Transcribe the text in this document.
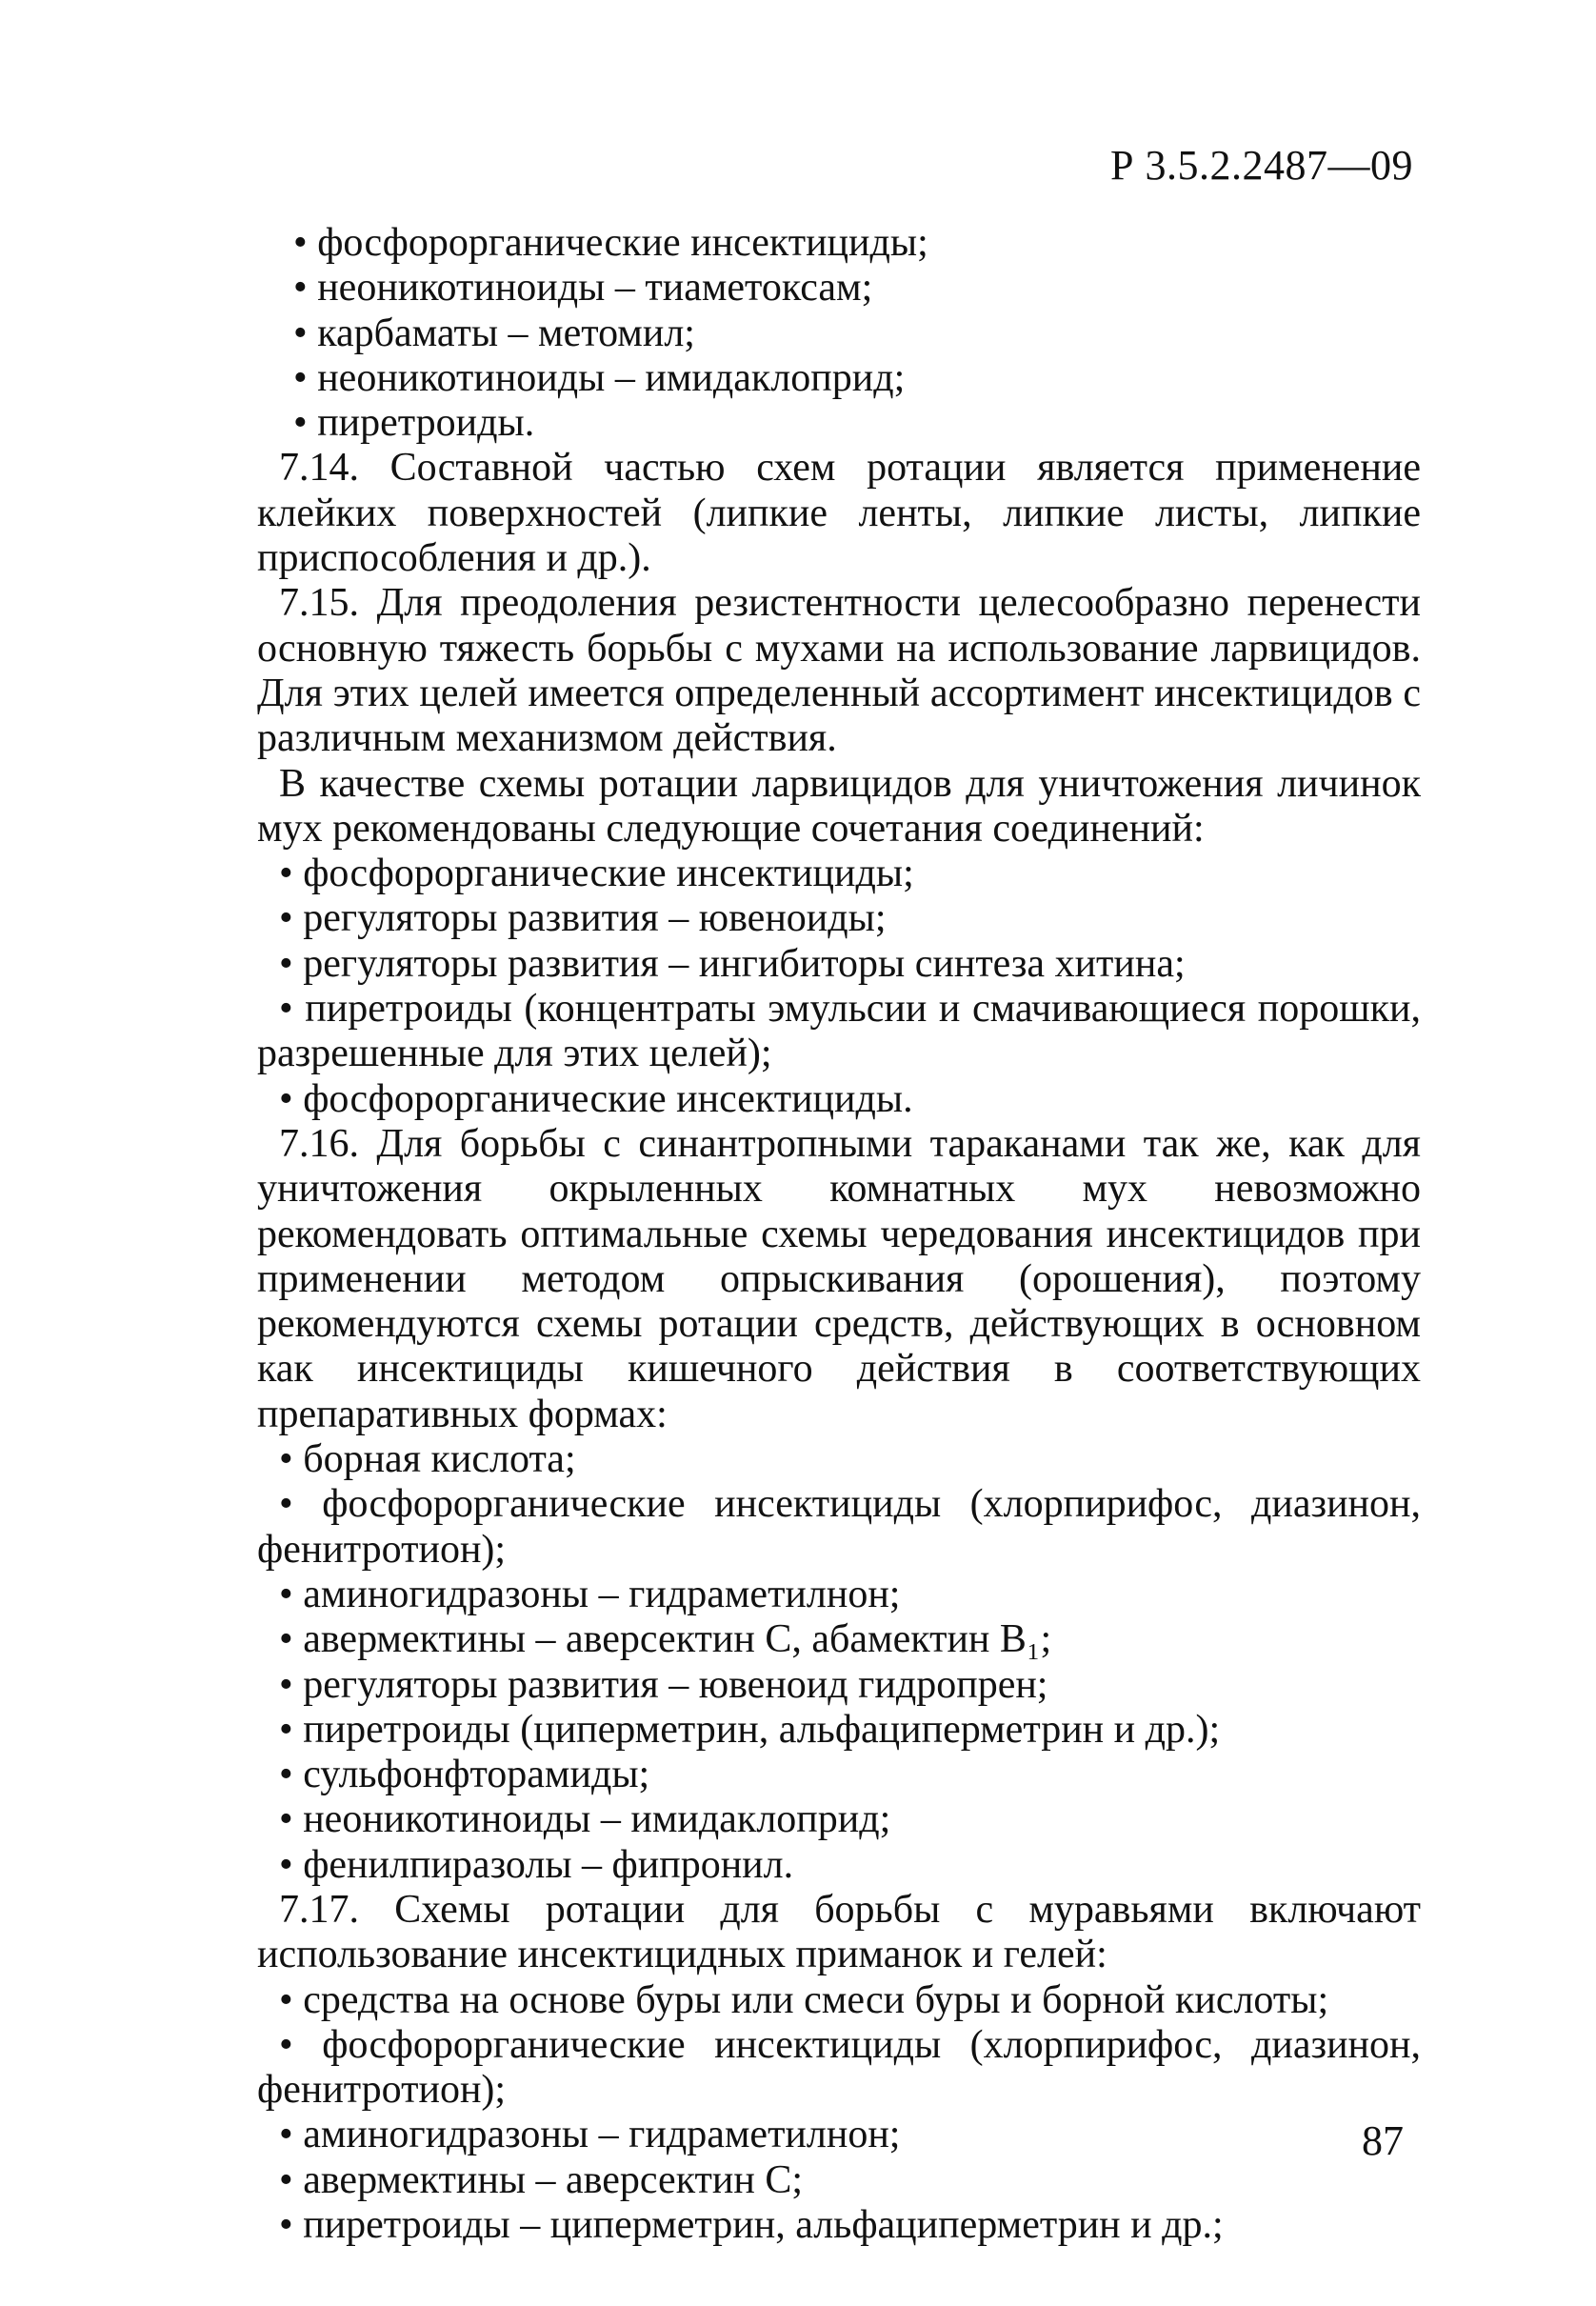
Р 3.5.2.2487—09

• фосфорорганические инсектициды;

• неоникотиноиды – тиаметоксам;

• карбаматы – метомил;

• неоникотиноиды – имидаклоприд;

• пиретроиды.

7.14. Составной частью схем ротации является применение клейких поверхностей (липкие ленты, липкие листы, липкие приспособления и др.).

7.15. Для преодоления резистентности целесообразно перенести основную тяжесть борьбы с мухами на использование ларвицидов. Для этих целей имеется определенный ассортимент инсектицидов с различным механизмом действия.

В качестве схемы ротации ларвицидов для уничтожения личинок мух рекомендованы следующие сочетания соединений:

• фосфорорганические инсектициды;

• регуляторы развития – ювеноиды;

• регуляторы развития – ингибиторы синтеза хитина;

• пиретроиды (концентраты эмульсии и смачивающиеся порошки, разрешенные для этих целей);

• фосфорорганические инсектициды.

7.16. Для борьбы с синантропными тараканами так же, как для уничтожения окрыленных комнатных мух невозможно рекомендовать оптимальные схемы чередования инсектицидов при применении методом опрыскивания (орошения), поэтому рекомендуются схемы ротации средств, действующих в основном как инсектициды кишечного действия в соответствующих препаративных формах:

• борная кислота;

• фосфорорганические инсектициды (хлорпирифос, диазинон, фенитротион);

• аминогидразоны – гидраметилнон;

• авермектины – аверсектин С, абамектин В₁;

• регуляторы развития – ювеноид гидропрен;

• пиретроиды (циперметрин, альфациперметрин и др.);

• сульфонфторамиды;

• неоникотиноиды – имидаклоприд;

• фенилпиразолы – фипронил.

7.17. Схемы ротации для борьбы с муравьями включают использование инсектицидных приманок и гелей:

• средства на основе буры или смеси буры и борной кислоты;

• фосфорорганические инсектициды (хлорпирифос, диазинон, фенитротион);

• аминогидразоны – гидраметилнон;

• авермектины – аверсектин С;

• пиретроиды – циперметрин, альфациперметрин и др.;

87
